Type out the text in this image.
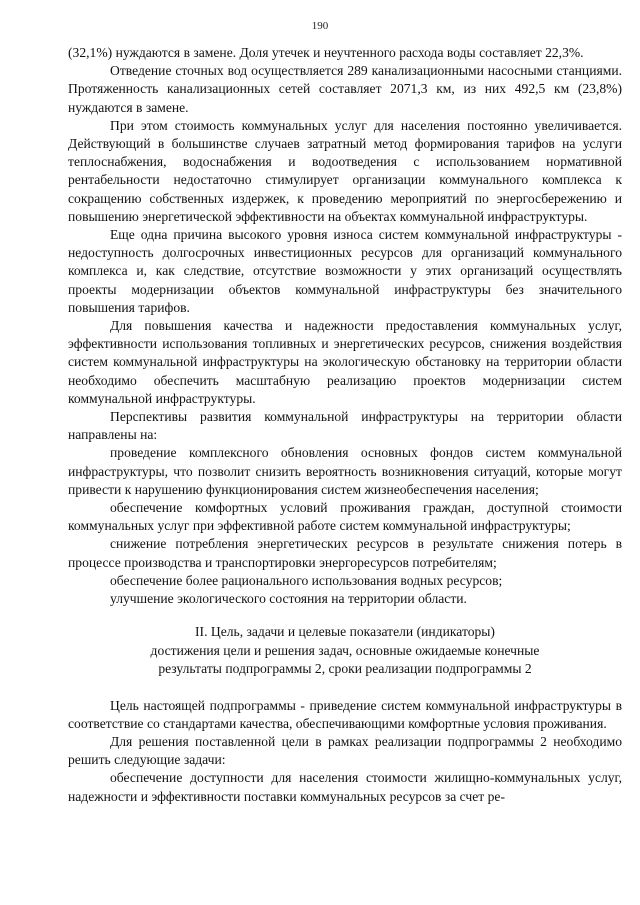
190

(32,1%) нуждаются в замене. Доля утечек и неучтенного расхода воды составляет 22,3%.

Отведение сточных вод осуществляется 289 канализационными насосными станциями. Протяженность канализационных сетей составляет 2071,3 км, из них 492,5 км (23,8%) нуждаются в замене.

При этом стоимость коммунальных услуг для населения постоянно увеличивается. Действующий в большинстве случаев затратный метод формирования тарифов на услуги теплоснабжения, водоснабжения и водоотведения с использованием нормативной рентабельности недостаточно стимулирует организации коммунального комплекса к сокращению собственных издержек, к проведению мероприятий по энергосбережению и повышению энергетической эффективности на объектах коммунальной инфраструктуры.

Еще одна причина высокого уровня износа систем коммунальной инфраструктуры - недоступность долгосрочных инвестиционных ресурсов для организаций коммунального комплекса и, как следствие, отсутствие возможности у этих организаций осуществлять проекты модернизации объектов коммунальной инфраструктуры без значительного повышения тарифов.

Для повышения качества и надежности предоставления коммунальных услуг, эффективности использования топливных и энергетических ресурсов, снижения воздействия систем коммунальной инфраструктуры на экологическую обстановку на территории области необходимо обеспечить масштабную реализацию проектов модернизации систем коммунальной инфраструктуры.

Перспективы развития коммунальной инфраструктуры на территории области направлены на:

проведение комплексного обновления основных фондов систем коммунальной инфраструктуры, что позволит снизить вероятность возникновения ситуаций, которые могут привести к нарушению функционирования систем жизнеобеспечения населения;

обеспечение комфортных условий проживания граждан, доступной стоимости коммунальных услуг при эффективной работе систем коммунальной инфраструктуры;

снижение потребления энергетических ресурсов в результате снижения потерь в процессе производства и транспортировки энергоресурсов потребителям;

обеспечение более рационального использования водных ресурсов;

улучшение экологического состояния на территории области.

II. Цель, задачи и целевые показатели (индикаторы)
достижения цели и решения задач, основные ожидаемые конечные
результаты подпрограммы 2, сроки реализации подпрограммы 2

Цель настоящей подпрограммы - приведение систем коммунальной инфраструктуры в соответствие со стандартами качества, обеспечивающими комфортные условия проживания.

Для решения поставленной цели в рамках реализации подпрограммы 2 необходимо решить следующие задачи:

обеспечение доступности для населения стоимости жилищно-коммунальных услуг, надежности и эффективности поставки коммунальных ресурсов за счет ре-
